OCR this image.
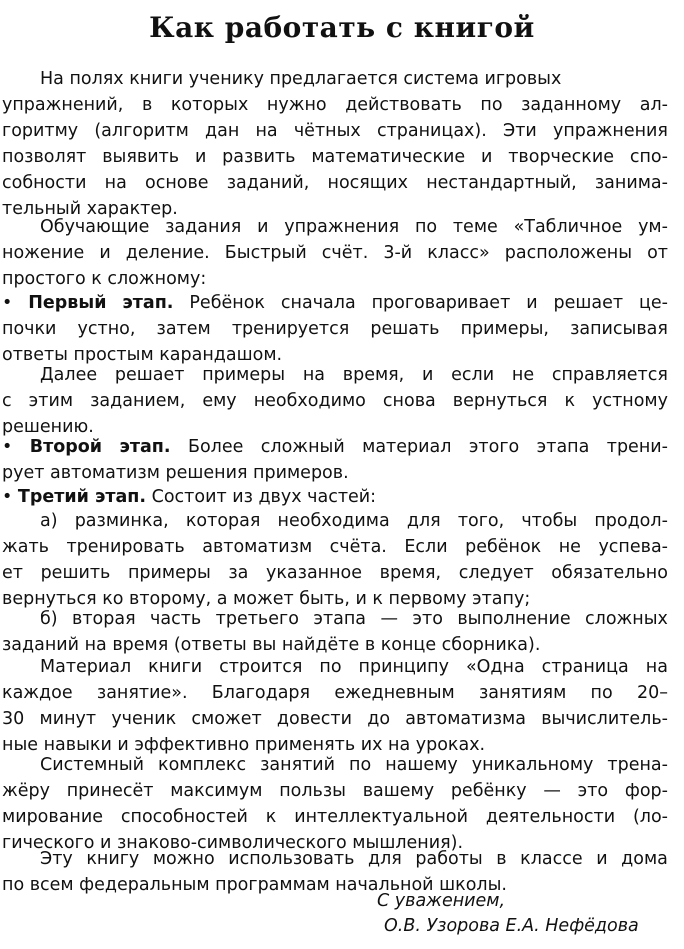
Как работать с книгой
На полях книги ученику предлагается система игровых
упражнений, в которых нужно действовать по заданному ал-
горитму (алгоритм дан на чётных страницах). Эти упражнения
позволят выявить и развить математические и творческие спо-
собности на основе заданий, носящих нестандартный, занима-
тельный характер.
Обучающие задания и упражнения по теме «Табличное ум-
ножение и деление. Быстрый счёт. 3-й класс» расположены от
простого к сложному:
• Первый этап. Ребёнок сначала проговаривает и решает це-
почки устно, затем тренируется решать примеры, записывая
ответы простым карандашом.
Далее решает примеры на время, и если не справляется
с этим заданием, ему необходимо снова вернуться к устному
решению.
• Второй этап. Более сложный материал этого этапа трени-
рует автоматизм решения примеров.
• Третий этап. Состоит из двух частей:
а) разминка, которая необходима для того, чтобы продол-
жать тренировать автоматизм счёта. Если ребёнок не успева-
ет решить примеры за указанное время, следует обязательно
вернуться ко второму, а может быть, и к первому этапу;
б) вторая часть третьего этапа — это выполнение сложных
заданий на время (ответы вы найдёте в конце сборника).
Материал книги строится по принципу «Одна страница на
каждое занятие». Благодаря ежедневным занятиям по 20–
30 минут ученик сможет довести до автоматизма вычислитель-
ные навыки и эффективно применять их на уроках.
Системный комплекс занятий по нашему уникальному трена-
жёру принесёт максимум пользы вашему ребёнку — это фор-
мирование способностей к интеллектуальной деятельности (ло-
гического и знаково-символического мышления).
Эту книгу можно использовать для работы в классе и дома
по всем федеральным программам начальной школы.
С уважением,
О.В. Узорова Е.А. Нефёдова
